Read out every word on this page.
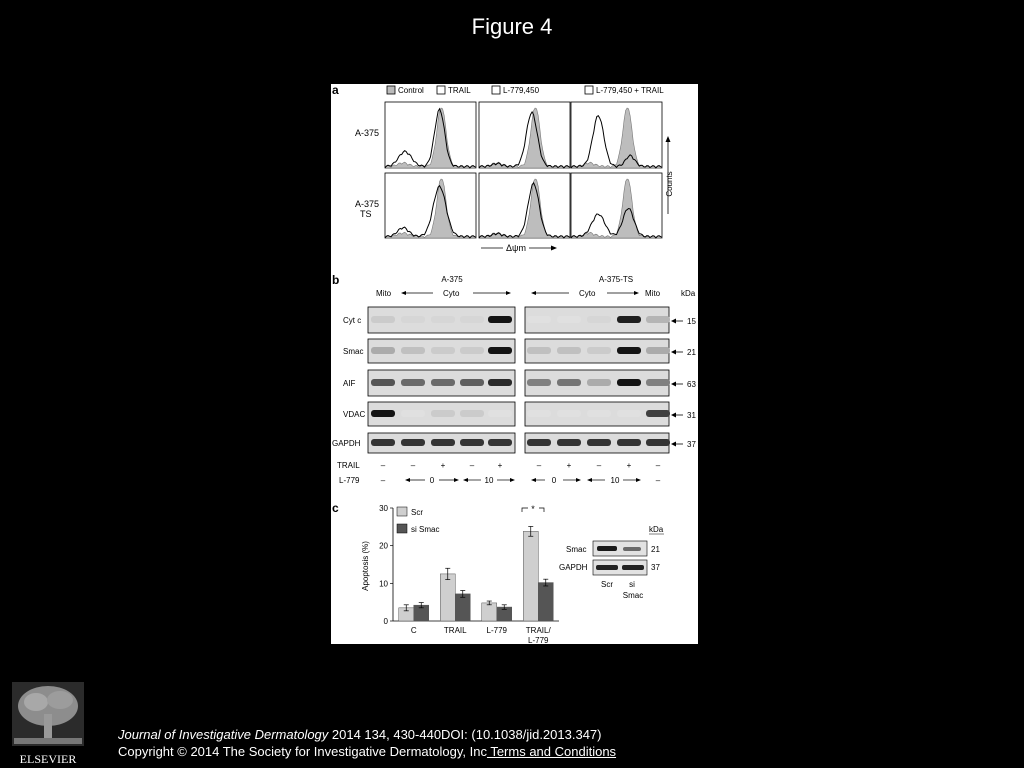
Figure 4
a	Control	TRAIL	L-779,450	L-779,450 + TRAIL
A-375
A-375
TS
Counts
Δψm
b	A-375	A-375-TS
Mito	Cyto	Cyto	Mito	kDa
Cyt c	15
Smac	21
AIF	63
VDAC	31
GAPDH	37
TRAIL	–	–	+	–	+	–	+	–	+	–
L-779	–	0	10	0	10	–
c
Apoptosis (%)
Scr
si Smac
*
0
10
20
30
C	TRAIL L-779 TRAIL/
L-779
kDa
Smac	21
GAPDH	37
Scr si
Smac
ELSEVIER
Journal of Investigative Dermatology 2014 134, 430-440DOI: (10.1038/jid.2013.347)
Copyright © 2014 The Society for Investigative Dermatology, Inc Terms and Conditions
